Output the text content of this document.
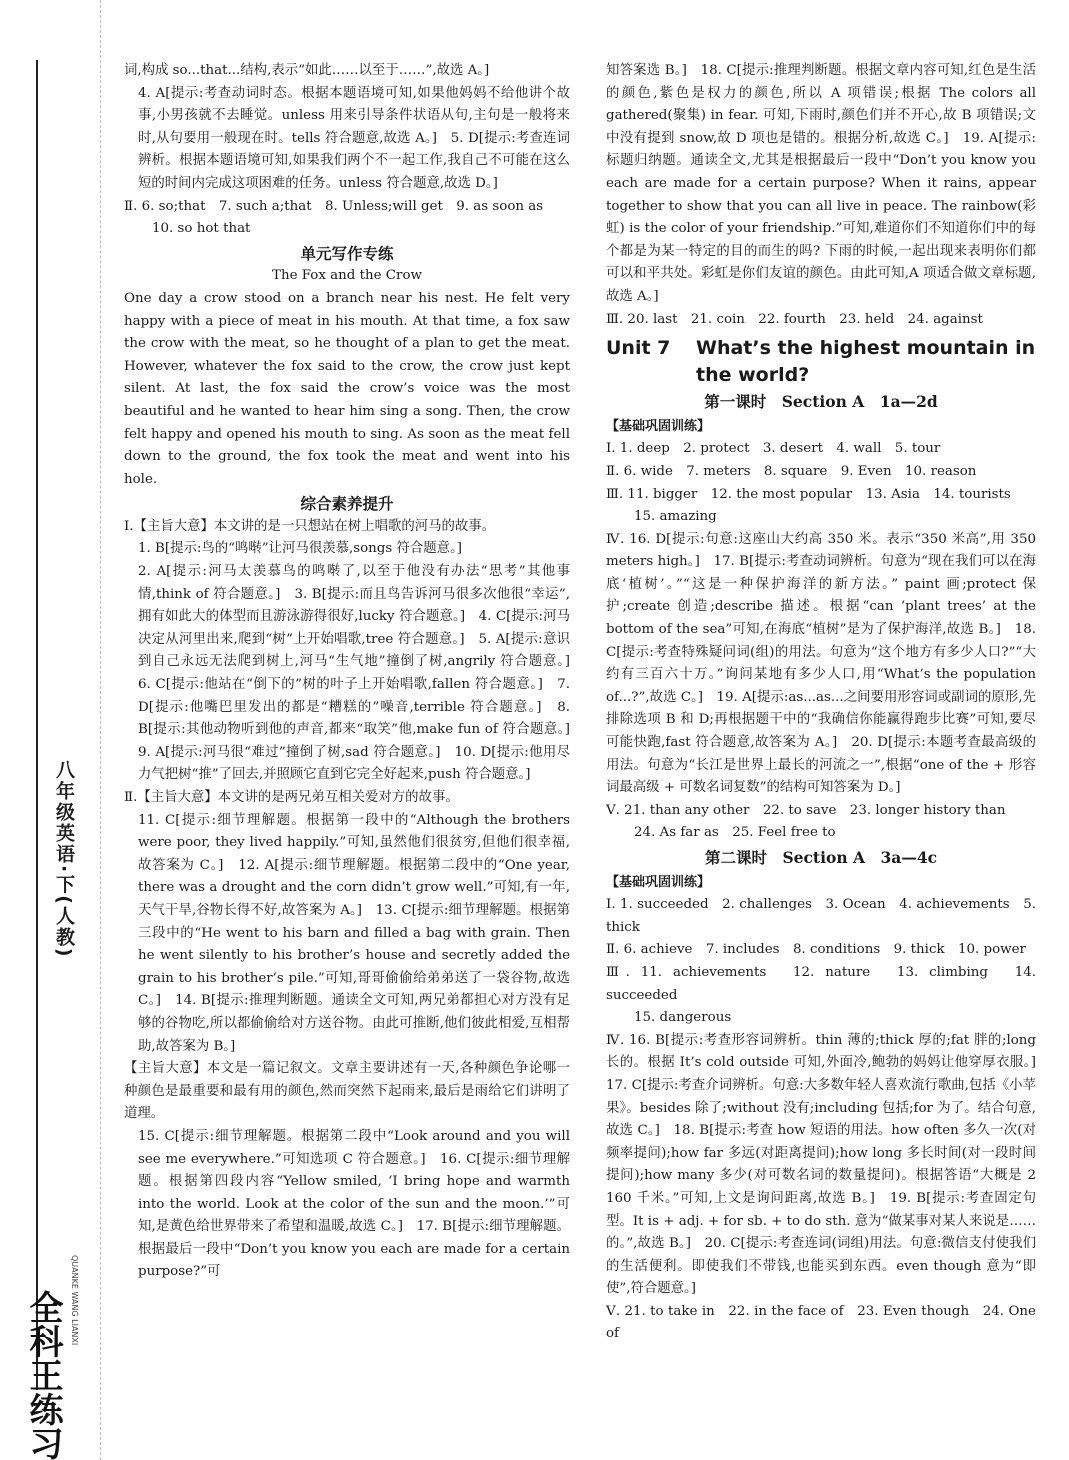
八年级英语·下(人教)
全科王练习 QUANKE WANG LIANXI

词,构成 so...that...结构,表示“如此……以至于……”,故选 A。]

4. A[提示:考查动词时态。根据本题语境可知,如果他妈妈不给他讲个故事,小男孩就不去睡觉。unless 用来引导条件状语从句,主句是一般将来时,从句要用一般现在时。tells 符合题意,故选 A。]　5. D[提示:考查连词辨析。根据本题语境可知,如果我们两个不一起工作,我自己不可能在这么短的时间内完成这项困难的任务。unless 符合题意,故选 D。]

Ⅱ. 6. so;that　7. such a;that　8. Unless;will get　9. as soon as

10. so hot that

单元写作专练
The Fox and the Crow

One day a crow stood on a branch near his nest. He felt very happy with a piece of meat in his mouth. At that time, a fox saw the crow with the meat, so he thought of a plan to get the meat. However, whatever the fox said to the crow, the crow just kept silent. At last, the fox said the crow’s voice was the most beautiful and he wanted to hear him sing a song. Then, the crow felt happy and opened his mouth to sing. As soon as the meat fell down to the ground, the fox took the meat and went into his hole.

综合素养提升

Ⅰ.【主旨大意】本文讲的是一只想站在树上唱歌的河马的故事。

1. B[提示:鸟的“鸣啭”让河马很羡慕,songs 符合题意。]

2. A[提示:河马太羡慕鸟的鸣啭了,以至于他没有办法“思考”其他事情,think of 符合题意。]　3. B[提示:而且鸟告诉河马很多次他很“幸运”,拥有如此大的体型而且游泳游得很好,lucky 符合题意。]　4. C[提示:河马决定从河里出来,爬到“树”上开始唱歌,tree 符合题意。]　5. A[提示:意识到自己永远无法爬到树上,河马“生气地”撞倒了树,angrily 符合题意。]　6. C[提示:他站在“倒下的”树的叶子上开始唱歌,fallen 符合题意。]　7. D[提示:他嘴巴里发出的都是“糟糕的”噪音,terrible 符合题意。]　8. B[提示:其他动物听到他的声音,都来“取笑”他,make fun of 符合题意。]　9. A[提示:河马很“难过”撞倒了树,sad 符合题意。]　10. D[提示:他用尽力气把树“推”了回去,并照顾它直到它完全好起来,push 符合题意。]

Ⅱ.【主旨大意】本文讲的是两兄弟互相关爱对方的故事。

11. C[提示:细节理解题。根据第一段中的“Although the brothers were poor, they lived happily.”可知,虽然他们很贫穷,但他们很幸福,故答案为 C。]　12. A[提示:细节理解题。根据第二段中的“One year, there was a drought and the corn didn’t grow well.”可知,有一年,天气干旱,谷物长得不好,故答案为 A。]　13. C[提示:细节理解题。根据第三段中的“He went to his barn and filled a bag with grain. Then he went silently to his brother’s house and secretly added the grain to his brother’s pile.”可知,哥哥偷偷给弟弟送了一袋谷物,故选 C。]　14. B[提示:推理判断题。通读全文可知,两兄弟都担心对方没有足够的谷物吃,所以都偷偷给对方送谷物。由此可推断,他们彼此相爱,互相帮助,故答案为 B。]

【主旨大意】本文是一篇记叙文。文章主要讲述有一天,各种颜色争论哪一种颜色是最重要和最有用的颜色,然而突然下起雨来,最后是雨给它们讲明了道理。

15. C[提示:细节理解题。根据第二段中“Look around and you will see me everywhere.”可知选项 C 符合题意。]　16. C[提示:细节理解题。根据第四段内容“Yellow smiled, ‘I bring hope and warmth into the world. Look at the color of the sun and the moon.’”可知,是黄色给世界带来了希望和温暖,故选 C。]　17. B[提示:细节理解题。根据最后一段中“Don’t you know you each are made for a certain purpose?”可

知答案选 B。]　18. C[提示:推理判断题。根据文章内容可知,红色是生活的颜色,紫色是权力的颜色,所以 A 项错误;根据 The colors all gathered(聚集) in fear. 可知,下雨时,颜色们并不开心,故 B 项错误;文中没有提到 snow,故 D 项也是错的。根据分析,故选 C。]　19. A[提示:标题归纳题。通读全文,尤其是根据最后一段中“Don’t you know you each are made for a certain purpose? When it rains, appear together to show that you can all live in peace. The rainbow(彩虹) is the color of your friendship.”可知,难道你们不知道你们中的每个都是为某一特定的目的而生的吗? 下雨的时候,一起出现来表明你们都可以和平共处。彩虹是你们友谊的颜色。由此可知,A 项适合做文章标题,故选 A。]

Ⅲ. 20. last　21. coin　22. fourth　23. held　24. against

Unit 7	What’s the highest mountain in the world?
第一课时　Section A　1a—2d
【基础巩固训练】

Ⅰ. 1. deep　2. protect　3. desert　4. wall　5. tour

Ⅱ. 6. wide　7. meters　8. square　9. Even　10. reason

Ⅲ. 11. bigger　12. the most popular　13. Asia　14. tourists

15. amazing

Ⅳ. 16. D[提示:句意:这座山大约高 350 米。表示“350 米高”,用 350 meters high。]　17. B[提示:考查动词辨析。句意为“现在我们可以在海底‘植树’。”“这是一种保护海洋的新方法。” paint 画;protect 保护;create 创造;describe 描述。根据“can ‘plant trees’ at the bottom of the sea”可知,在海底“植树”是为了保护海洋,故选 B。]　18. C[提示:考查特殊疑问词(组)的用法。句意为“这个地方有多少人口?”“大约有三百六十万。”询问某地有多少人口,用“What’s the population of...?”,故选 C。]　19. A[提示:as...as...之间要用形容词或副词的原形,先排除选项 B 和 D;再根据题干中的“我确信你能赢得跑步比赛”可知,要尽可能快跑,fast 符合题意,故答案为 A。]　20. D[提示:本题考查最高级的用法。句意为“长江是世界上最长的河流之一”,根据“one of the + 形容词最高级 + 可数名词复数”的结构可知答案为 D。]

Ⅴ. 21. than any other　22. to save　23. longer history than

24. As far as　25. Feel free to

第二课时　Section A　3a—4c
【基础巩固训练】

Ⅰ. 1. succeeded　2. challenges　3. Ocean　4. achievements　5. thick

Ⅱ. 6. achieve　7. includes　8. conditions　9. thick　10. power

Ⅲ. 11. achievements　12. nature　13. climbing　14. succeeded

15. dangerous

Ⅳ. 16. B[提示:考查形容词辨析。thin 薄的;thick 厚的;fat 胖的;long 长的。根据 It’s cold outside 可知,外面冷,鲍勃的妈妈让他穿厚衣服。]　17. C[提示:考查介词辨析。句意:大多数年轻人喜欢流行歌曲,包括《小苹果》。besides 除了;without 没有;including 包括;for 为了。结合句意,故选 C。]　18. B[提示:考查 how 短语的用法。how often 多久一次(对频率提问);how far 多远(对距离提问);how long 多长时间(对一段时间提问);how many 多少(对可数名词的数量提问)。根据答语“大概是 2 160 千米。”可知,上文是询问距离,故选 B。]　19. B[提示:考查固定句型。It is + adj. + for sb. + to do sth. 意为“做某事对某人来说是……的。”,故选 B。]　20. C[提示:考查连词(词组)用法。句意:微信支付使我们的生活便利。即使我们不带钱,也能买到东西。even though 意为“即使”,符合题意。]

Ⅴ. 21. to take in　22. in the face of　23. Even though　24. One of
